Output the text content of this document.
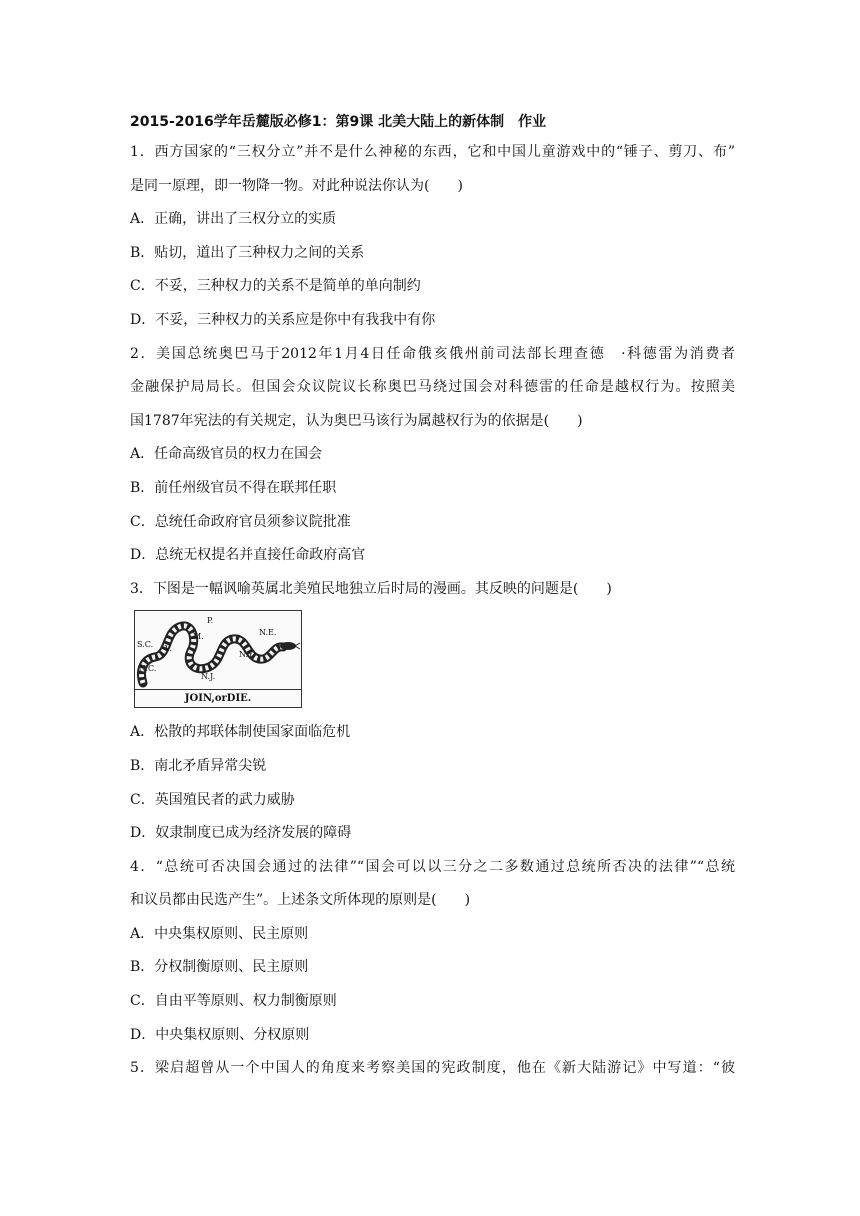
2015-2016学年岳麓版必修1：第9课 北美大陆上的新体制　作业
1．西方国家的“三权分立”并不是什么神秘的东西，它和中国儿童游戏中的“锤子、剪刀、布”
是同一原理，即一物降一物。对此种说法你认为(　　)
A．正确，讲出了三权分立的实质
B．贴切，道出了三种权力之间的关系
C．不妥，三种权力的关系不是简单的单向制约
D．不妥，三种权力的关系应是你中有我我中有你
2．美国总统奥巴马于2012年1月4日任命俄亥俄州前司法部长理查德　·科德雷为消费者
金融保护局局长。但国会众议院议长称奥巴马绕过国会对科德雷的任命是越权行为。按照美
国1787年宪法的有关规定，认为奥巴马该行为属越权行为的依据是(　　)
A．任命高级官员的权力在国会
B．前任州级官员不得在联邦任职
C．总统任命政府官员须参议院批准
D．总统无权提名并直接任命政府高官
3．下图是一幅讽喻英属北美殖民地独立后时局的漫画。其反映的问题是(　　)
S.C.
N.C.
V.
M.
P.
N.J.
N.Y.
N.E.
JOIN,orDIE.
A．松散的邦联体制使国家面临危机
B．南北矛盾异常尖锐
C．英国殖民者的武力威胁
D．奴隶制度已成为经济发展的障碍
4．“总统可否决国会通过的法律”“国会可以以三分之二多数通过总统所否决的法律”“总统
和议员都由民选产生”。上述条文所体现的原则是(　　)
A．中央集权原则、民主原则
B．分权制衡原则、民主原则
C．自由平等原则、权力制衡原则
D．中央集权原则、分权原则
5．梁启超曾从一个中国人的角度来考察美国的宪政制度，他在《新大陆游记》中写道：“彼
